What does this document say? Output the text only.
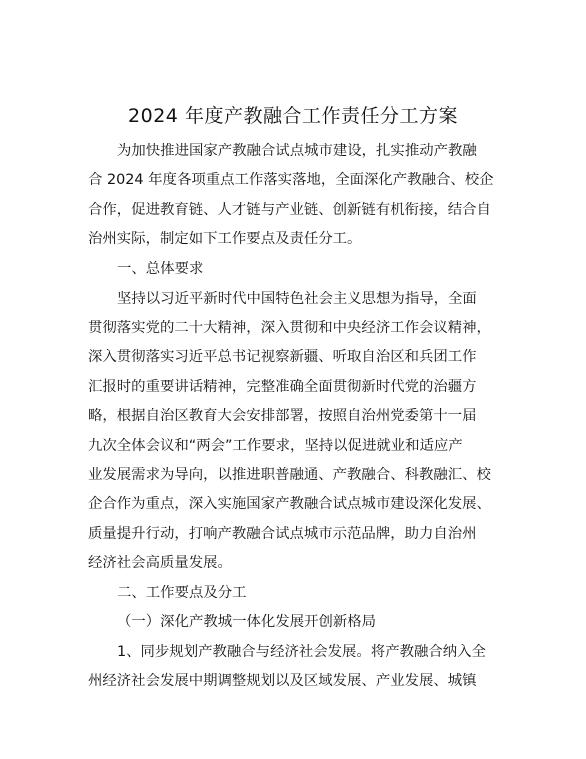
2024 年度产教融合工作责任分工方案
为加快推进国家产教融合试点城市建设，扎实推动产教融
合 2024 年度各项重点工作落实落地，全面深化产教融合、校企
合作，促进教育链、人才链与产业链、创新链有机衔接，结合自
治州实际，制定如下工作要点及责任分工。
一、总体要求
坚持以习近平新时代中国特色社会主义思想为指导，全面
贯彻落实党的二十大精神，深入贯彻和中央经济工作会议精神，
深入贯彻落实习近平总书记视察新疆、听取自治区和兵团工作
汇报时的重要讲话精神，完整准确全面贯彻新时代党的治疆方
略，根据自治区教育大会安排部署，按照自治州党委第十一届
九次全体会议和“两会”工作要求，坚持以促进就业和适应产
业发展需求为导向，以推进职普融通、产教融合、科教融汇、校
企合作为重点，深入实施国家产教融合试点城市建设深化发展、
质量提升行动，打响产教融合试点城市示范品牌，助力自治州
经济社会高质量发展。
二、工作要点及分工
（一）深化产教城一体化发展开创新格局
1、同步规划产教融合与经济社会发展。将产教融合纳入全
州经济社会发展中期调整规划以及区域发展、产业发展、城镇
